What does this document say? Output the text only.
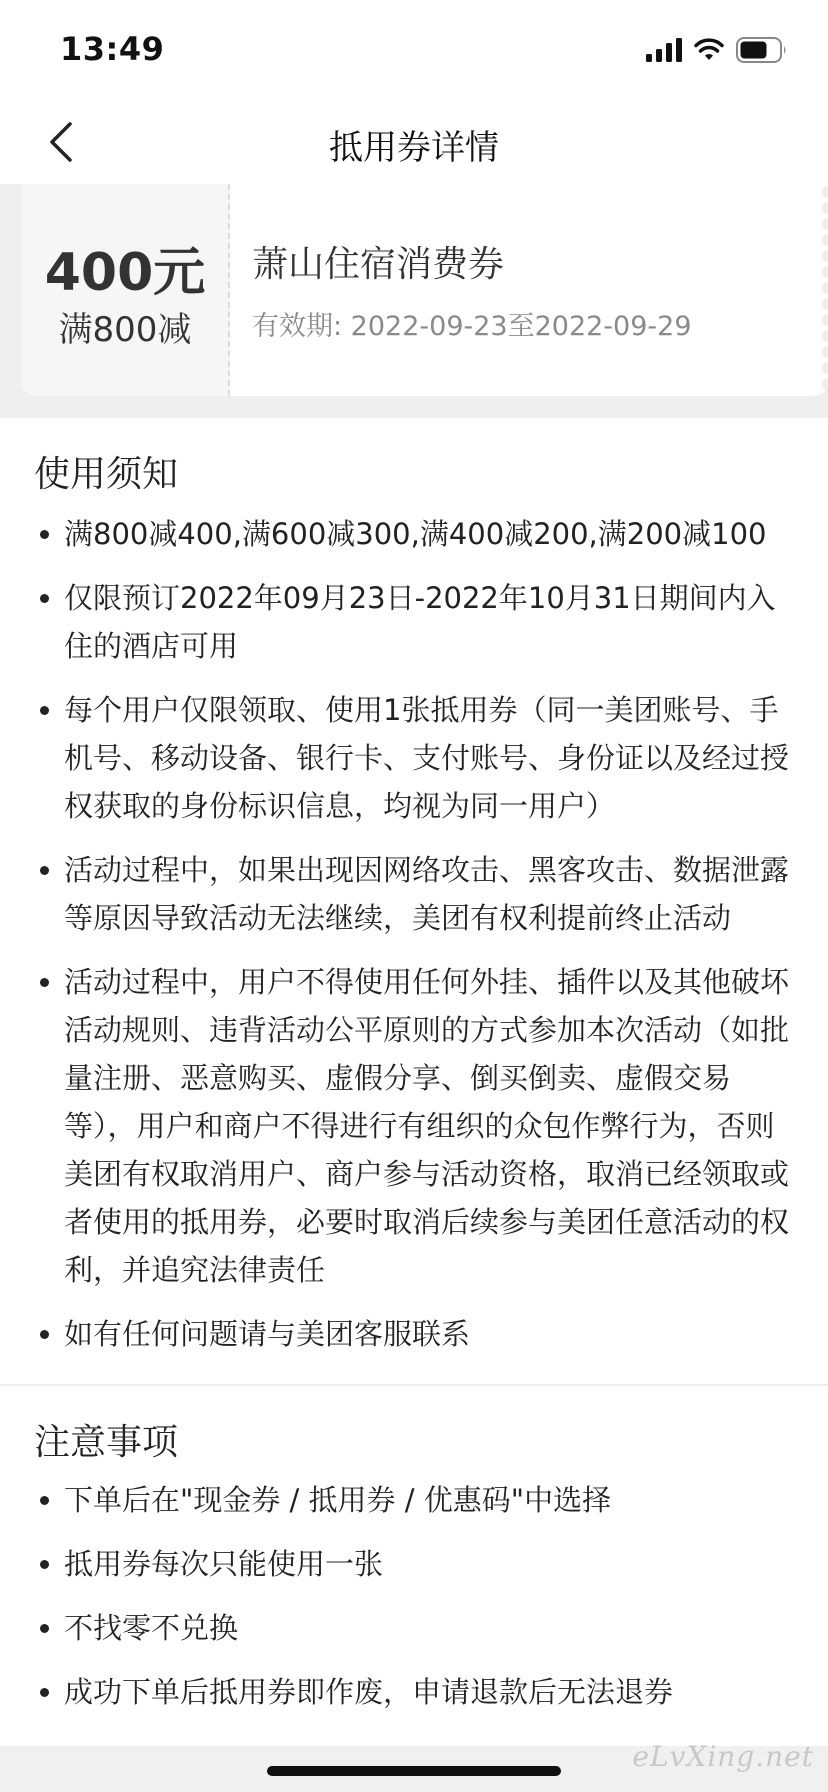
13:49
抵用券详情
400元
满800减
萧山住宿消费券
有效期: 2022-09-23至2022-09-29
使用须知
满800减400,满600减300,满400减200,满200减100
仅限预订2022年09月23日-2022年10月31日期间内入住的酒店可用
每个用户仅限领取、使用1张抵用券（同一美团账号、手机号、移动设备、银行卡、支付账号、身份证以及经过授权获取的身份标识信息，均视为同一用户）
活动过程中，如果出现因网络攻击、黑客攻击、数据泄露等原因导致活动无法继续，美团有权利提前终止活动
活动过程中，用户不得使用任何外挂、插件以及其他破坏活动规则、违背活动公平原则的方式参加本次活动（如批量注册、恶意购买、虚假分享、倒买倒卖、虚假交易等），用户和商户不得进行有组织的众包作弊行为，否则美团有权取消用户、商户参与活动资格，取消已经领取或者使用的抵用券，必要时取消后续参与美团任意活动的权利，并追究法律责任
如有任何问题请与美团客服联系
注意事项
下单后在"现金券 / 抵用券 / 优惠码"中选择
抵用券每次只能使用一张
不找零不兑换
成功下单后抵用券即作废，申请退款后无法退券
eLvXing.net
